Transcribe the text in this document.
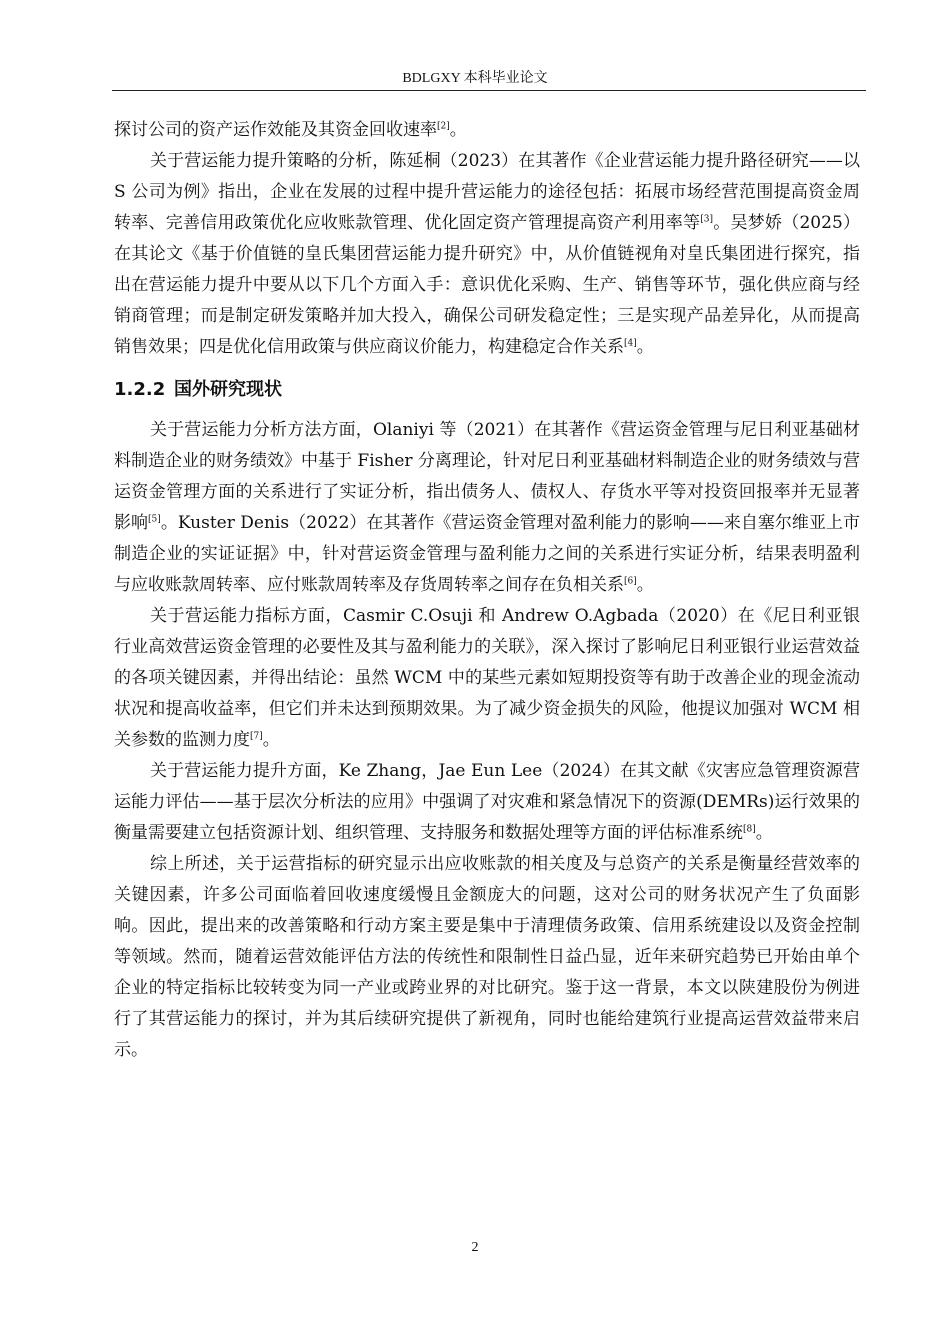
BDLGXY 本科毕业论文

探讨公司的资产运作效能及其资金回收速率[2]。

关于营运能力提升策略的分析，陈延桐（2023）在其著作《企业营运能力提升路径研究——以 S 公司为例》指出，企业在发展的过程中提升营运能力的途径包括：拓展市场经营范围提高资金周转率、完善信用政策优化应收账款管理、优化固定资产管理提高资产利用率等[3]。吴梦娇（2025）在其论文《基于价值链的皇氏集团营运能力提升研究》中，从价值链视角对皇氏集团进行探究，指出在营运能力提升中要从以下几个方面入手：意识优化采购、生产、销售等环节，强化供应商与经销商管理；而是制定研发策略并加大投入，确保公司研发稳定性；三是实现产品差异化，从而提高销售效果；四是优化信用政策与供应商议价能力，构建稳定合作关系[4]。

1.2.2 国外研究现状

关于营运能力分析方法方面，Olaniyi 等（2021）在其著作《营运资金管理与尼日利亚基础材料制造企业的财务绩效》中基于 Fisher 分离理论，针对尼日利亚基础材料制造企业的财务绩效与营运资金管理方面的关系进行了实证分析，指出债务人、债权人、存货水平等对投资回报率并无显著影响[5]。Kuster Denis（2022）在其著作《营运资金管理对盈利能力的影响——来自塞尔维亚上市制造企业的实证证据》中，针对营运资金管理与盈利能力之间的关系进行实证分析，结果表明盈利与应收账款周转率、应付账款周转率及存货周转率之间存在负相关系[6]。

关于营运能力指标方面，Casmir C.Osuji 和 Andrew O.Agbada（2020）在《尼日利亚银行业高效营运资金管理的必要性及其与盈利能力的关联》，深入探讨了影响尼日利亚银行业运营效益的各项关键因素，并得出结论：虽然 WCM 中的某些元素如短期投资等有助于改善企业的现金流动状况和提高收益率，但它们并未达到预期效果。为了减少资金损失的风险，他提议加强对 WCM 相关参数的监测力度[7]。

关于营运能力提升方面，Ke Zhang，Jae Eun Lee（2024）在其文献《灾害应急管理资源营运能力评估——基于层次分析法的应用》中强调了对灾难和紧急情况下的资源(DEMRs)运行效果的衡量需要建立包括资源计划、组织管理、支持服务和数据处理等方面的评估标准系统[8]。

综上所述，关于运营指标的研究显示出应收账款的相关度及与总资产的关系是衡量经营效率的关键因素，许多公司面临着回收速度缓慢且金额庞大的问题，这对公司的财务状况产生了负面影响。因此，提出来的改善策略和行动方案主要是集中于清理债务政策、信用系统建设以及资金控制等领域。然而，随着运营效能评估方法的传统性和限制性日益凸显，近年来研究趋势已开始由单个企业的特定指标比较转变为同一产业或跨业界的对比研究。鉴于这一背景，本文以陕建股份为例进行了其营运能力的探讨，并为其后续研究提供了新视角，同时也能给建筑行业提高运营效益带来启示。

2
